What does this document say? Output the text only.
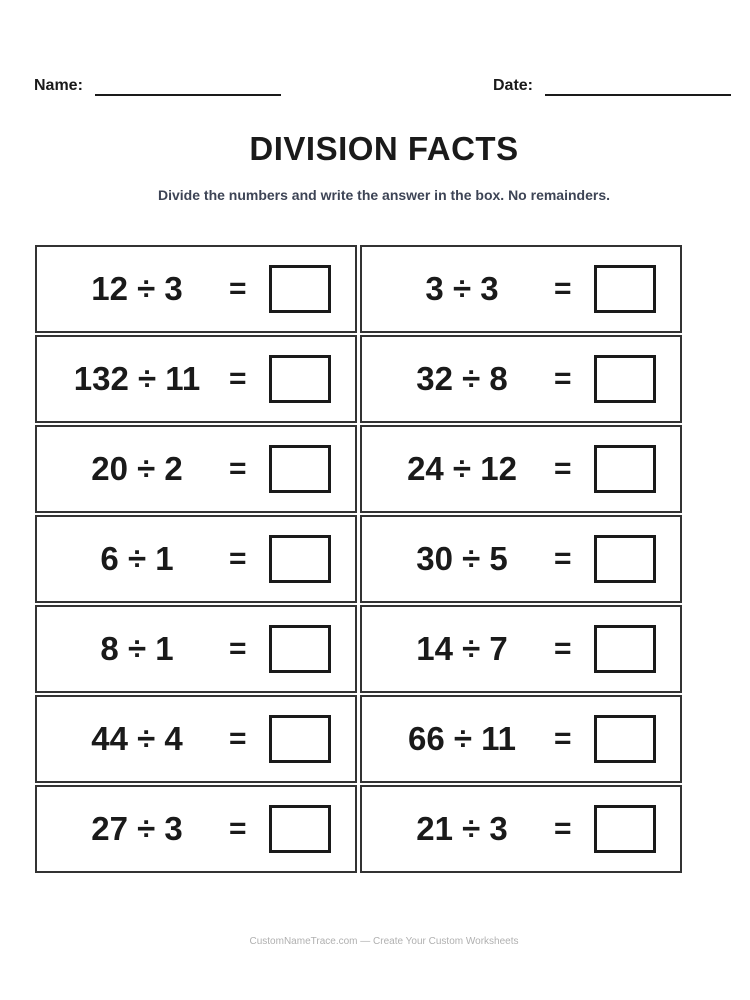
Name:	Date:
DIVISION FACTS
Divide the numbers and write the answer in the box. No remainders.
12 ÷ 3	=	3 ÷ 3	=
132 ÷ 11 =	32 ÷ 8	=
20 ÷ 2	=	24 ÷ 12	=
6 ÷ 1	=	30 ÷ 5	=
8 ÷ 1	=	14 ÷ 7	=
44 ÷ 4	=	66 ÷ 11	=
27 ÷ 3	=	21 ÷ 3	=
CustomNameTrace.com — Create Your Custom Worksheets
